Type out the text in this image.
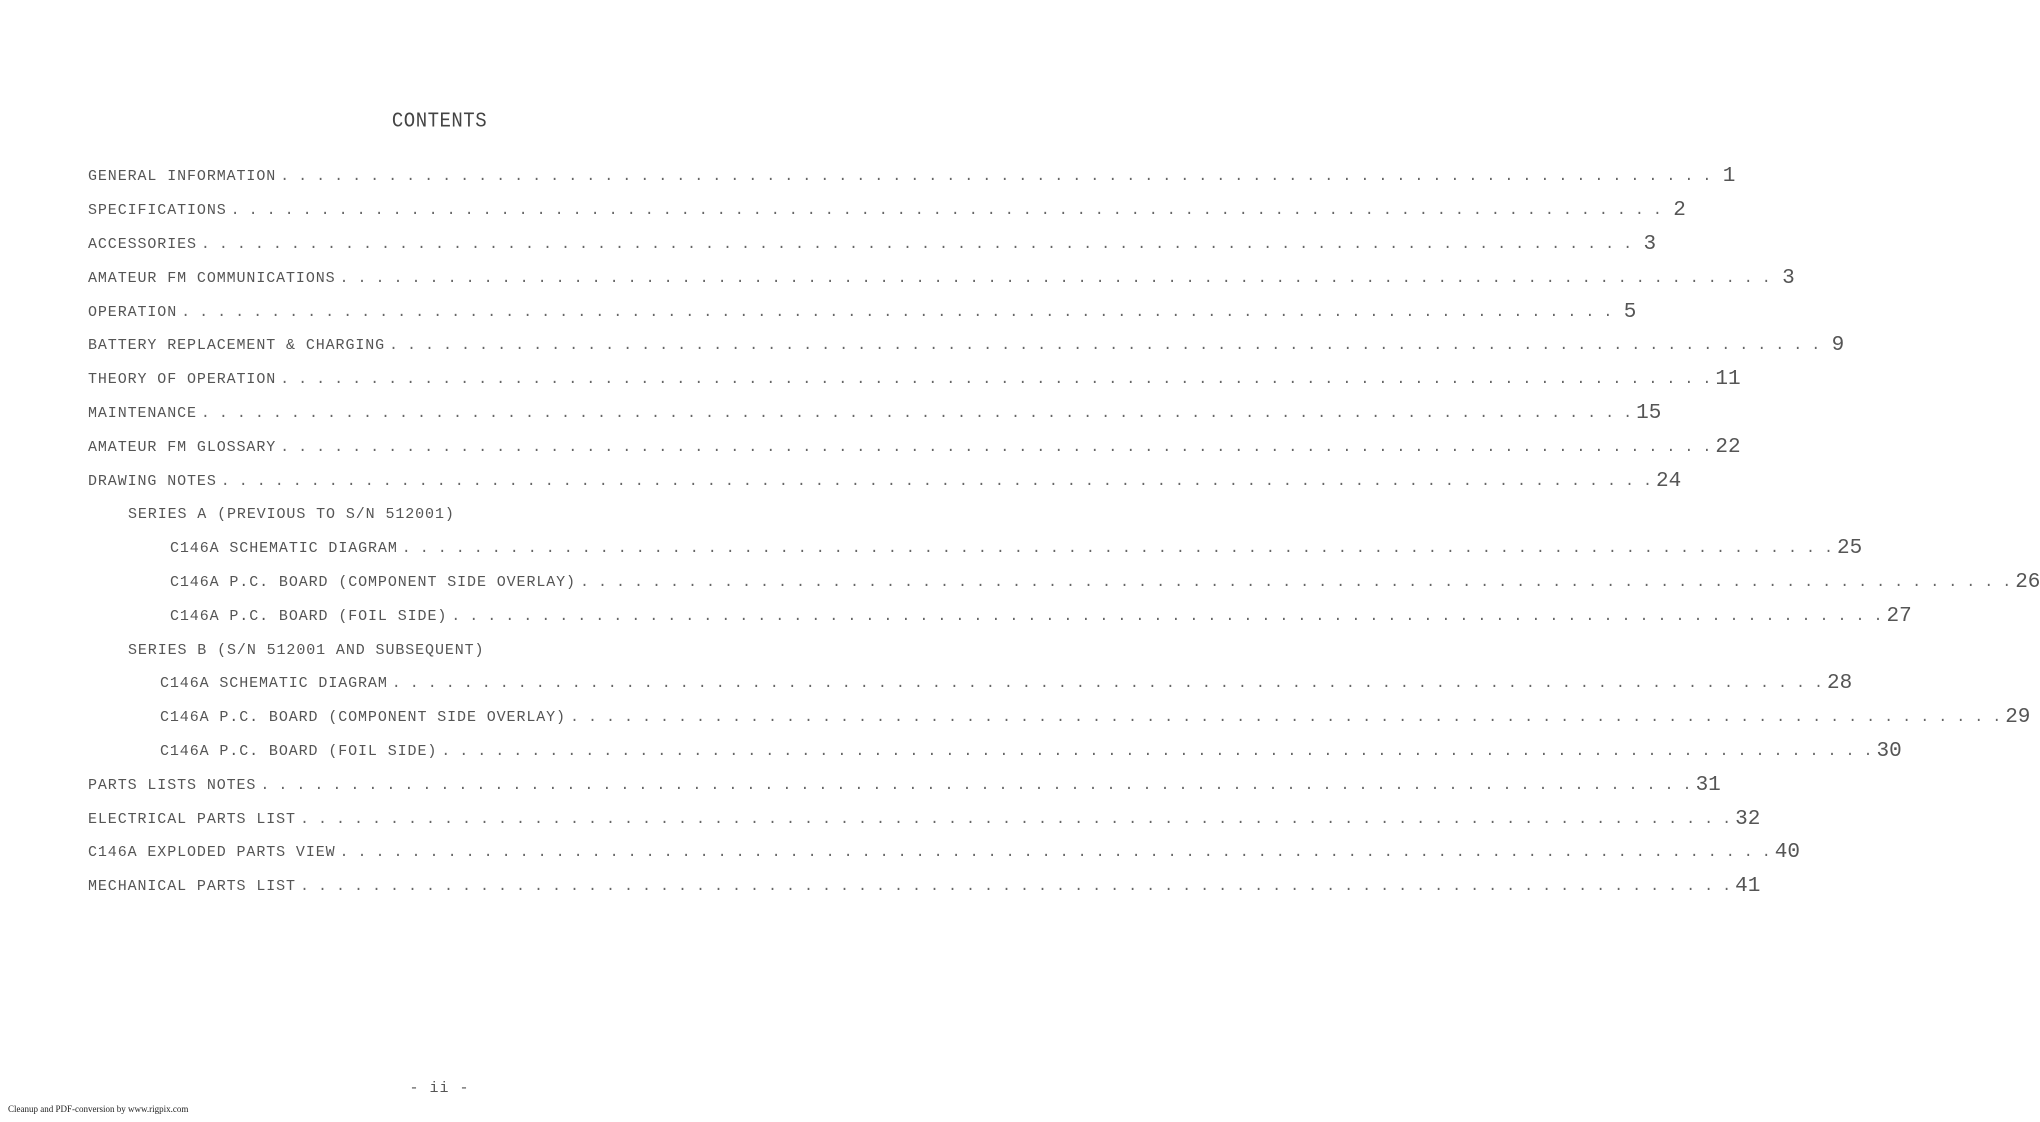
CONTENTS
GENERAL INFORMATION . . . . . . . . . . . . . . . . . . . . . . . . . . . . . . . . . . . . . . . . . . . . . . . . . . . . . . . . . . . . . . . . . . . . . . . . . . . . . . . . 1
SPECIFICATIONS . . . . . . . . . . . . . . . . . . . . . . . . . . . . . . . . . . . . . . . . . . . . . . . . . . . . . . . . . . . . . . . . . . . . . . . . . . . . . . . . 2
ACCESSORIES . . . . . . . . . . . . . . . . . . . . . . . . . . . . . . . . . . . . . . . . . . . . . . . . . . . . . . . . . . . . . . . . . . . . . . . . . . . . . . . . 3
AMATEUR FM COMMUNICATIONS . . . . . . . . . . . . . . . . . . . . . . . . . . . . . . . . . . . . . . . . . . . . . . . . . . . . . . . . . . . . . . . . . . . . . . . . . . . . . . . . 3
OPERATION . . . . . . . . . . . . . . . . . . . . . . . . . . . . . . . . . . . . . . . . . . . . . . . . . . . . . . . . . . . . . . . . . . . . . . . . . . . . . . . . 5
BATTERY REPLACEMENT & CHARGING . . . . . . . . . . . . . . . . . . . . . . . . . . . . . . . . . . . . . . . . . . . . . . . . . . . . . . . . . . . . . . . . . . . . . . . . . . . . . . . . 9
THEORY OF OPERATION . . . . . . . . . . . . . . . . . . . . . . . . . . . . . . . . . . . . . . . . . . . . . . . . . . . . . . . . . . . . . . . . . . . . . . . . . . . . . . . . 11
MAINTENANCE . . . . . . . . . . . . . . . . . . . . . . . . . . . . . . . . . . . . . . . . . . . . . . . . . . . . . . . . . . . . . . . . . . . . . . . . . . . . . . . . 15
AMATEUR FM GLOSSARY . . . . . . . . . . . . . . . . . . . . . . . . . . . . . . . . . . . . . . . . . . . . . . . . . . . . . . . . . . . . . . . . . . . . . . . . . . . . . . . . 22
DRAWING NOTES . . . . . . . . . . . . . . . . . . . . . . . . . . . . . . . . . . . . . . . . . . . . . . . . . . . . . . . . . . . . . . . . . . . . . . . . . . . . . . . . 24
SERIES A (PREVIOUS TO S/N 512001)
C146A SCHEMATIC DIAGRAM . . . . . . . . . . . . . . . . . . . . . . . . . . . . . . . . . . . . . . . . . . . . . . . . . . . . . . . . . . . . . . . . . . . . . . . . . . . . . . . . 25
C146A P.C. BOARD (COMPONENT SIDE OVERLAY) . . . . . . . . . . . . . . . . . . . . . . . . . . . . . . . . . . . . . . . . . . . . . . . . . . . . . . . . . . . . . . . . . . . . . . . . . . . . . . . . 26
C146A P.C. BOARD (FOIL SIDE) . . . . . . . . . . . . . . . . . . . . . . . . . . . . . . . . . . . . . . . . . . . . . . . . . . . . . . . . . . . . . . . . . . . . . . . . . . . . . . . . 27
SERIES B (S/N 512001 AND SUBSEQUENT)
C146A SCHEMATIC DIAGRAM . . . . . . . . . . . . . . . . . . . . . . . . . . . . . . . . . . . . . . . . . . . . . . . . . . . . . . . . . . . . . . . . . . . . . . . . . . . . . . . . 28
C146A P.C. BOARD (COMPONENT SIDE OVERLAY) . . . . . . . . . . . . . . . . . . . . . . . . . . . . . . . . . . . . . . . . . . . . . . . . . . . . . . . . . . . . . . . . . . . . . . . . . . . . . . . . 29
C146A P.C. BOARD (FOIL SIDE) . . . . . . . . . . . . . . . . . . . . . . . . . . . . . . . . . . . . . . . . . . . . . . . . . . . . . . . . . . . . . . . . . . . . . . . . . . . . . . . . 30
PARTS LISTS NOTES . . . . . . . . . . . . . . . . . . . . . . . . . . . . . . . . . . . . . . . . . . . . . . . . . . . . . . . . . . . . . . . . . . . . . . . . . . . . . . . . 31
ELECTRICAL PARTS LIST . . . . . . . . . . . . . . . . . . . . . . . . . . . . . . . . . . . . . . . . . . . . . . . . . . . . . . . . . . . . . . . . . . . . . . . . . . . . . . . . 32
C146A EXPLODED PARTS VIEW . . . . . . . . . . . . . . . . . . . . . . . . . . . . . . . . . . . . . . . . . . . . . . . . . . . . . . . . . . . . . . . . . . . . . . . . . . . . . . . . 40
MECHANICAL PARTS LIST . . . . . . . . . . . . . . . . . . . . . . . . . . . . . . . . . . . . . . . . . . . . . . . . . . . . . . . . . . . . . . . . . . . . . . . . . . . . . . . . 41
- ii -
Cleanup and PDF-conversion by www.rigpix.com
